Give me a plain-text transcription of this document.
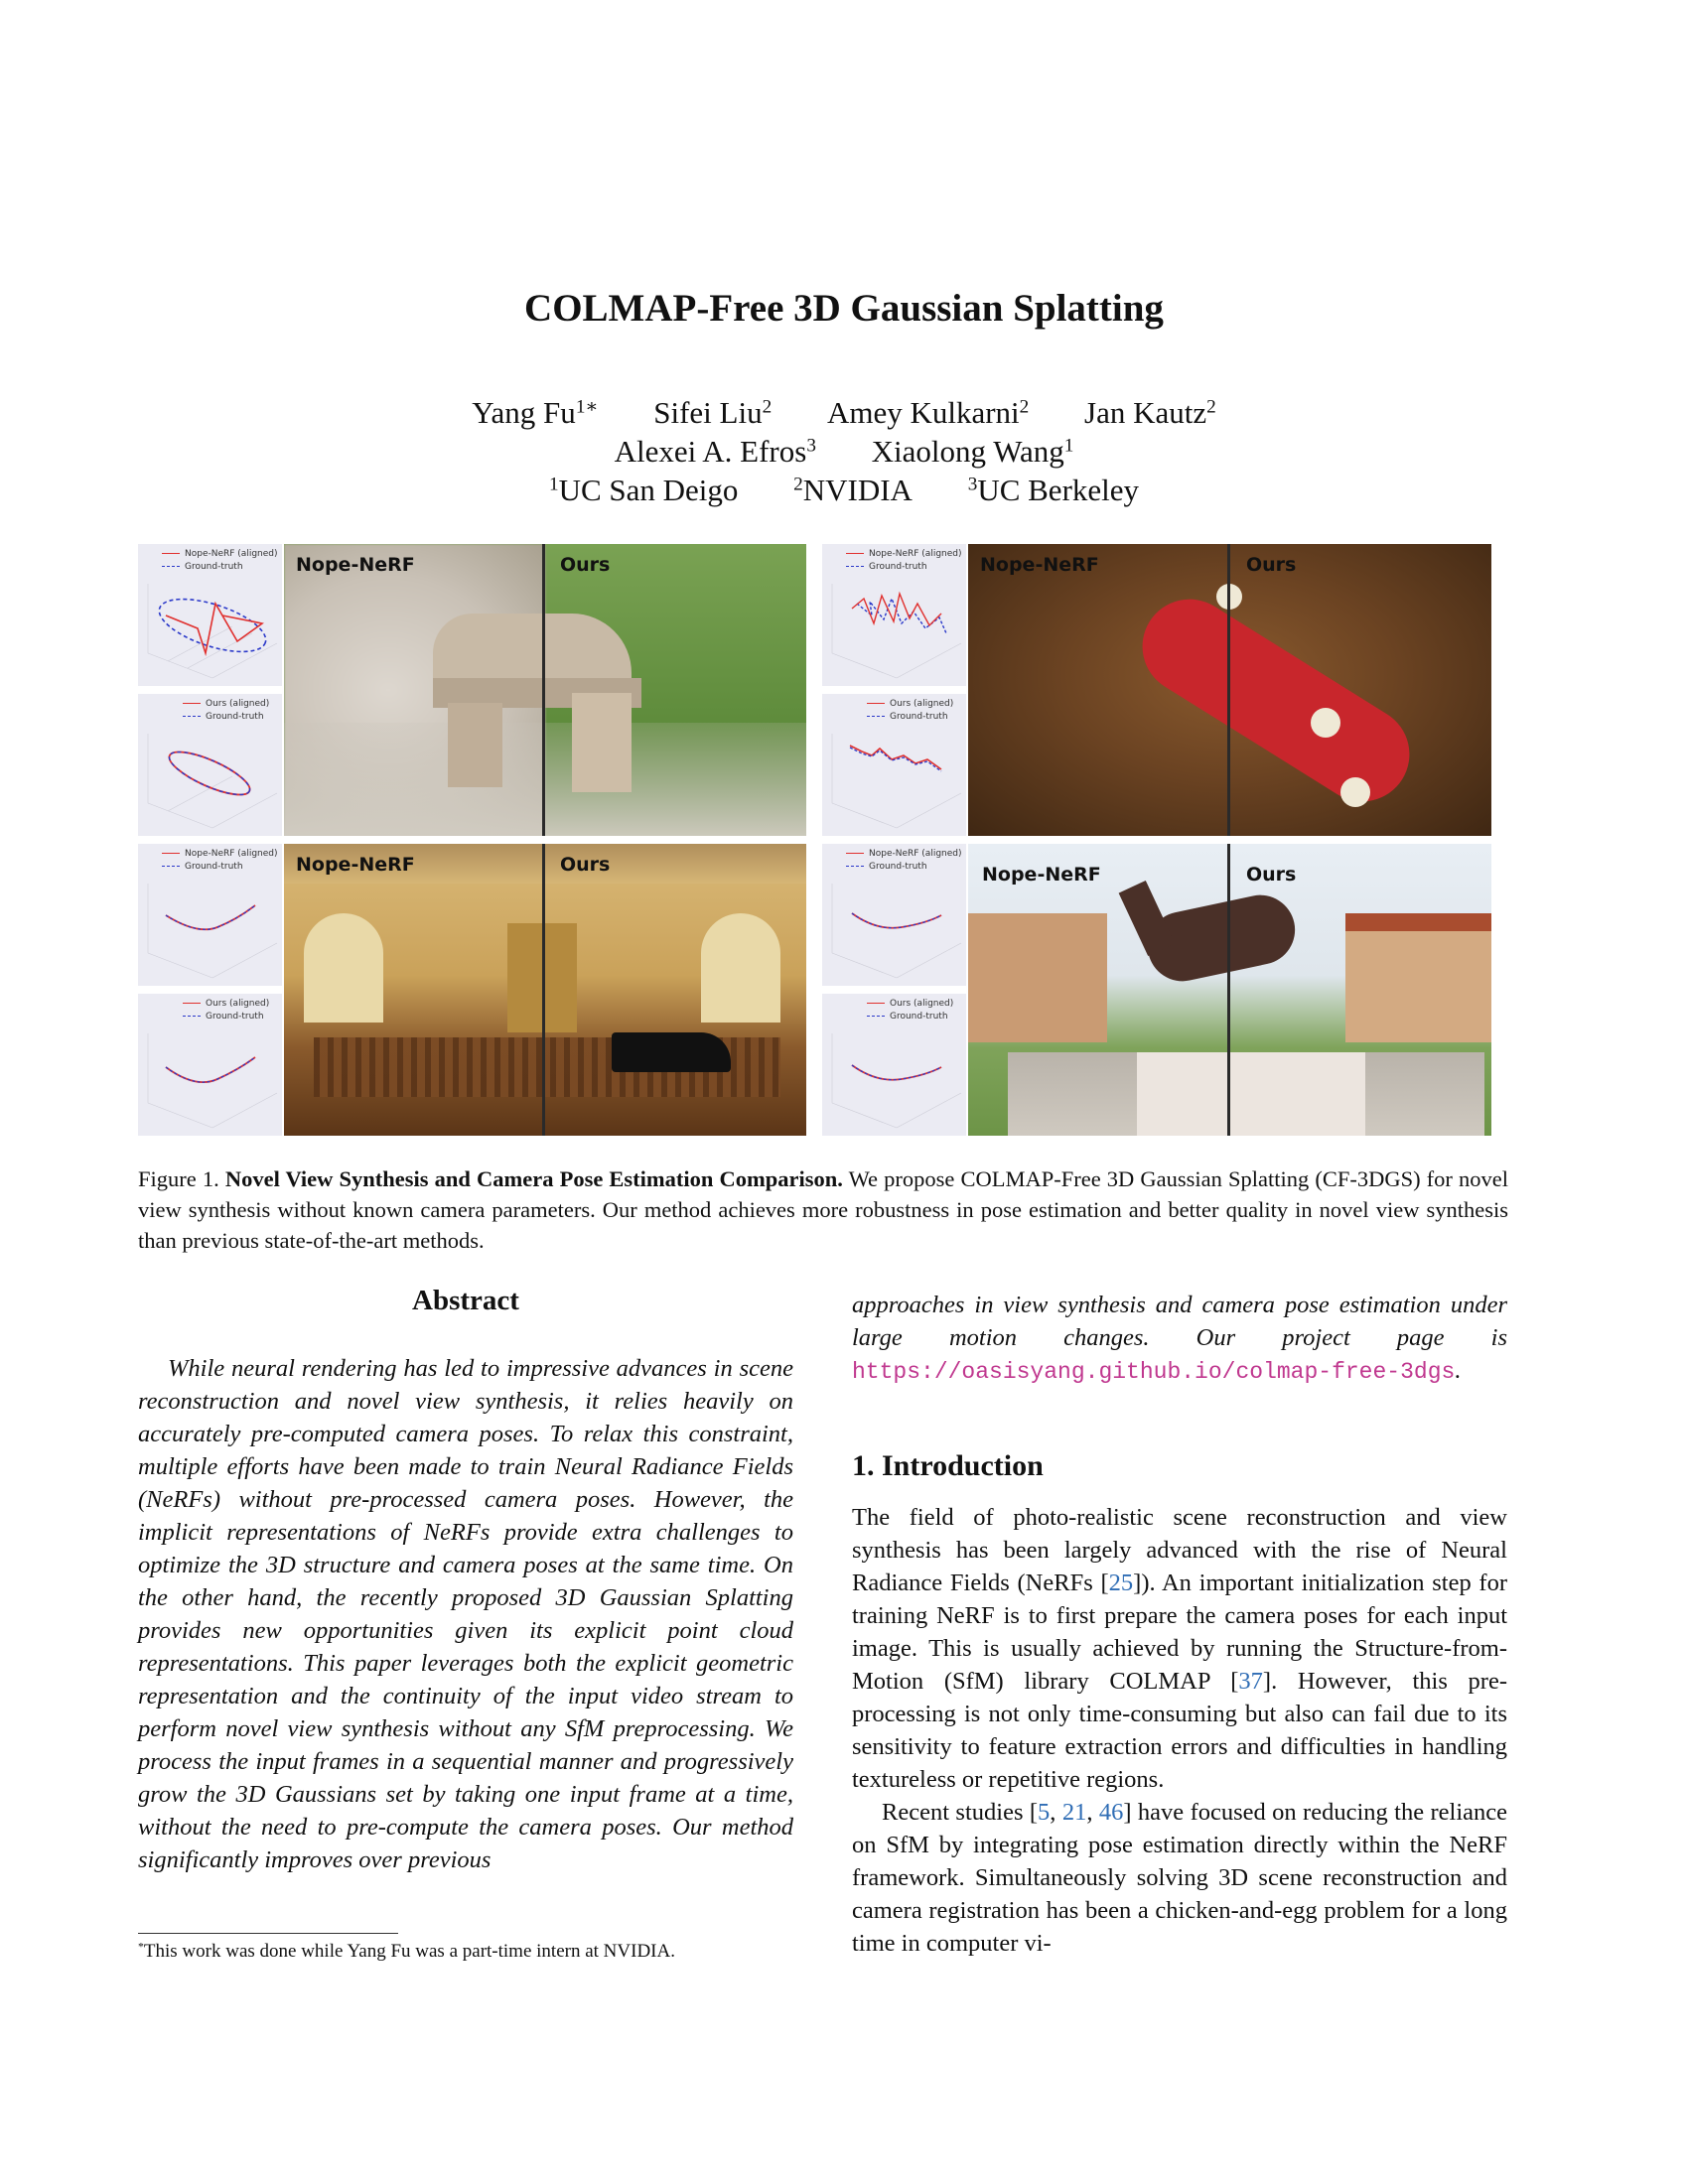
COLMAP-Free 3D Gaussian Splatting
Yang $Fu^{1∗}$ Sifei Liu$^2$ Amey Kulkarni$^2$ Jan Kautz$^2$
Alexei A. Efros$^3$ Xiaolong Wang$^1$
$^1$UC San Deigo	$^2$NVIDIA	$^3$UC Berkeley
Nope-NeRF (aligned)
Ground-truth
Ours (aligned)
Ground-truth
Nope-NeRF	Ours	Nope-NeRF (aligned)
Ground-truth
Ours (aligned)
Ground-truth
Nope-NeRF	Ours
Nope-NeRF (aligned)
Ground-truth
Ours (aligned)
Ground-truth
Nope-NeRF	Ours	Nope-NeRF (aligned)
Ground-truth
Ours (aligned)
Ground-truth
Nope-NeRF	Ours
Figure 1. Novel View Synthesis and Camera Pose Estimation Comparison. We propose COLMAP-Free 3D Gaussian Splatting (CF-3DGS) for novel view synthesis without known camera parameters. Our method achieves more robustness in pose estimation and better quality in novel view synthesis than previous state-of-the-art methods.
Abstract
While neural rendering has led to impressive advances in scene reconstruction and novel view synthesis, it relies heavily on accurately pre-computed camera poses. To relax this constraint, multiple efforts have been made to train Neural Radiance Fields (NeRFs) without pre-processed camera poses. However, the implicit representations of NeRFs provide extra challenges to optimize the 3D structure and camera poses at the same time. On the other hand, the recently proposed 3D Gaussian Splatting provides new opportunities given its explicit point cloud representations. This paper leverages both the explicit geometric representation and the continuity of the input video stream to perform novel view synthesis without any SfM preprocessing. We process the input frames in a sequential manner and progressively grow the 3D Gaussians set by taking one input frame at a time, without the need to pre-compute the camera poses. Our method significantly improves over previous
approaches in view synthesis and camera pose estimation under large motion changes. Our project page is https://oasisyang.github.io/colmap-free-3dgs.
1. Introduction
The field of photo-realistic scene reconstruction and view synthesis has been largely advanced with the rise of Neural Radiance Fields (NeRFs [25]). An important initialization step for training NeRF is to first prepare the camera poses for each input image. This is usually achieved by running the Structure-from-Motion (SfM) library COLMAP [37]. However, this pre-processing is not only time-consuming but also can fail due to its sensitivity to feature extraction errors and difficulties in handling textureless or repetitive regions.
Recent studies [5, 21, 46] have focused on reducing the reliance on SfM by integrating pose estimation directly within the NeRF framework. Simultaneously solving 3D scene reconstruction and camera registration has been a chicken-and-egg problem for a long time in computer vi-
*This work was done while Yang Fu was a part-time intern at NVIDIA.
